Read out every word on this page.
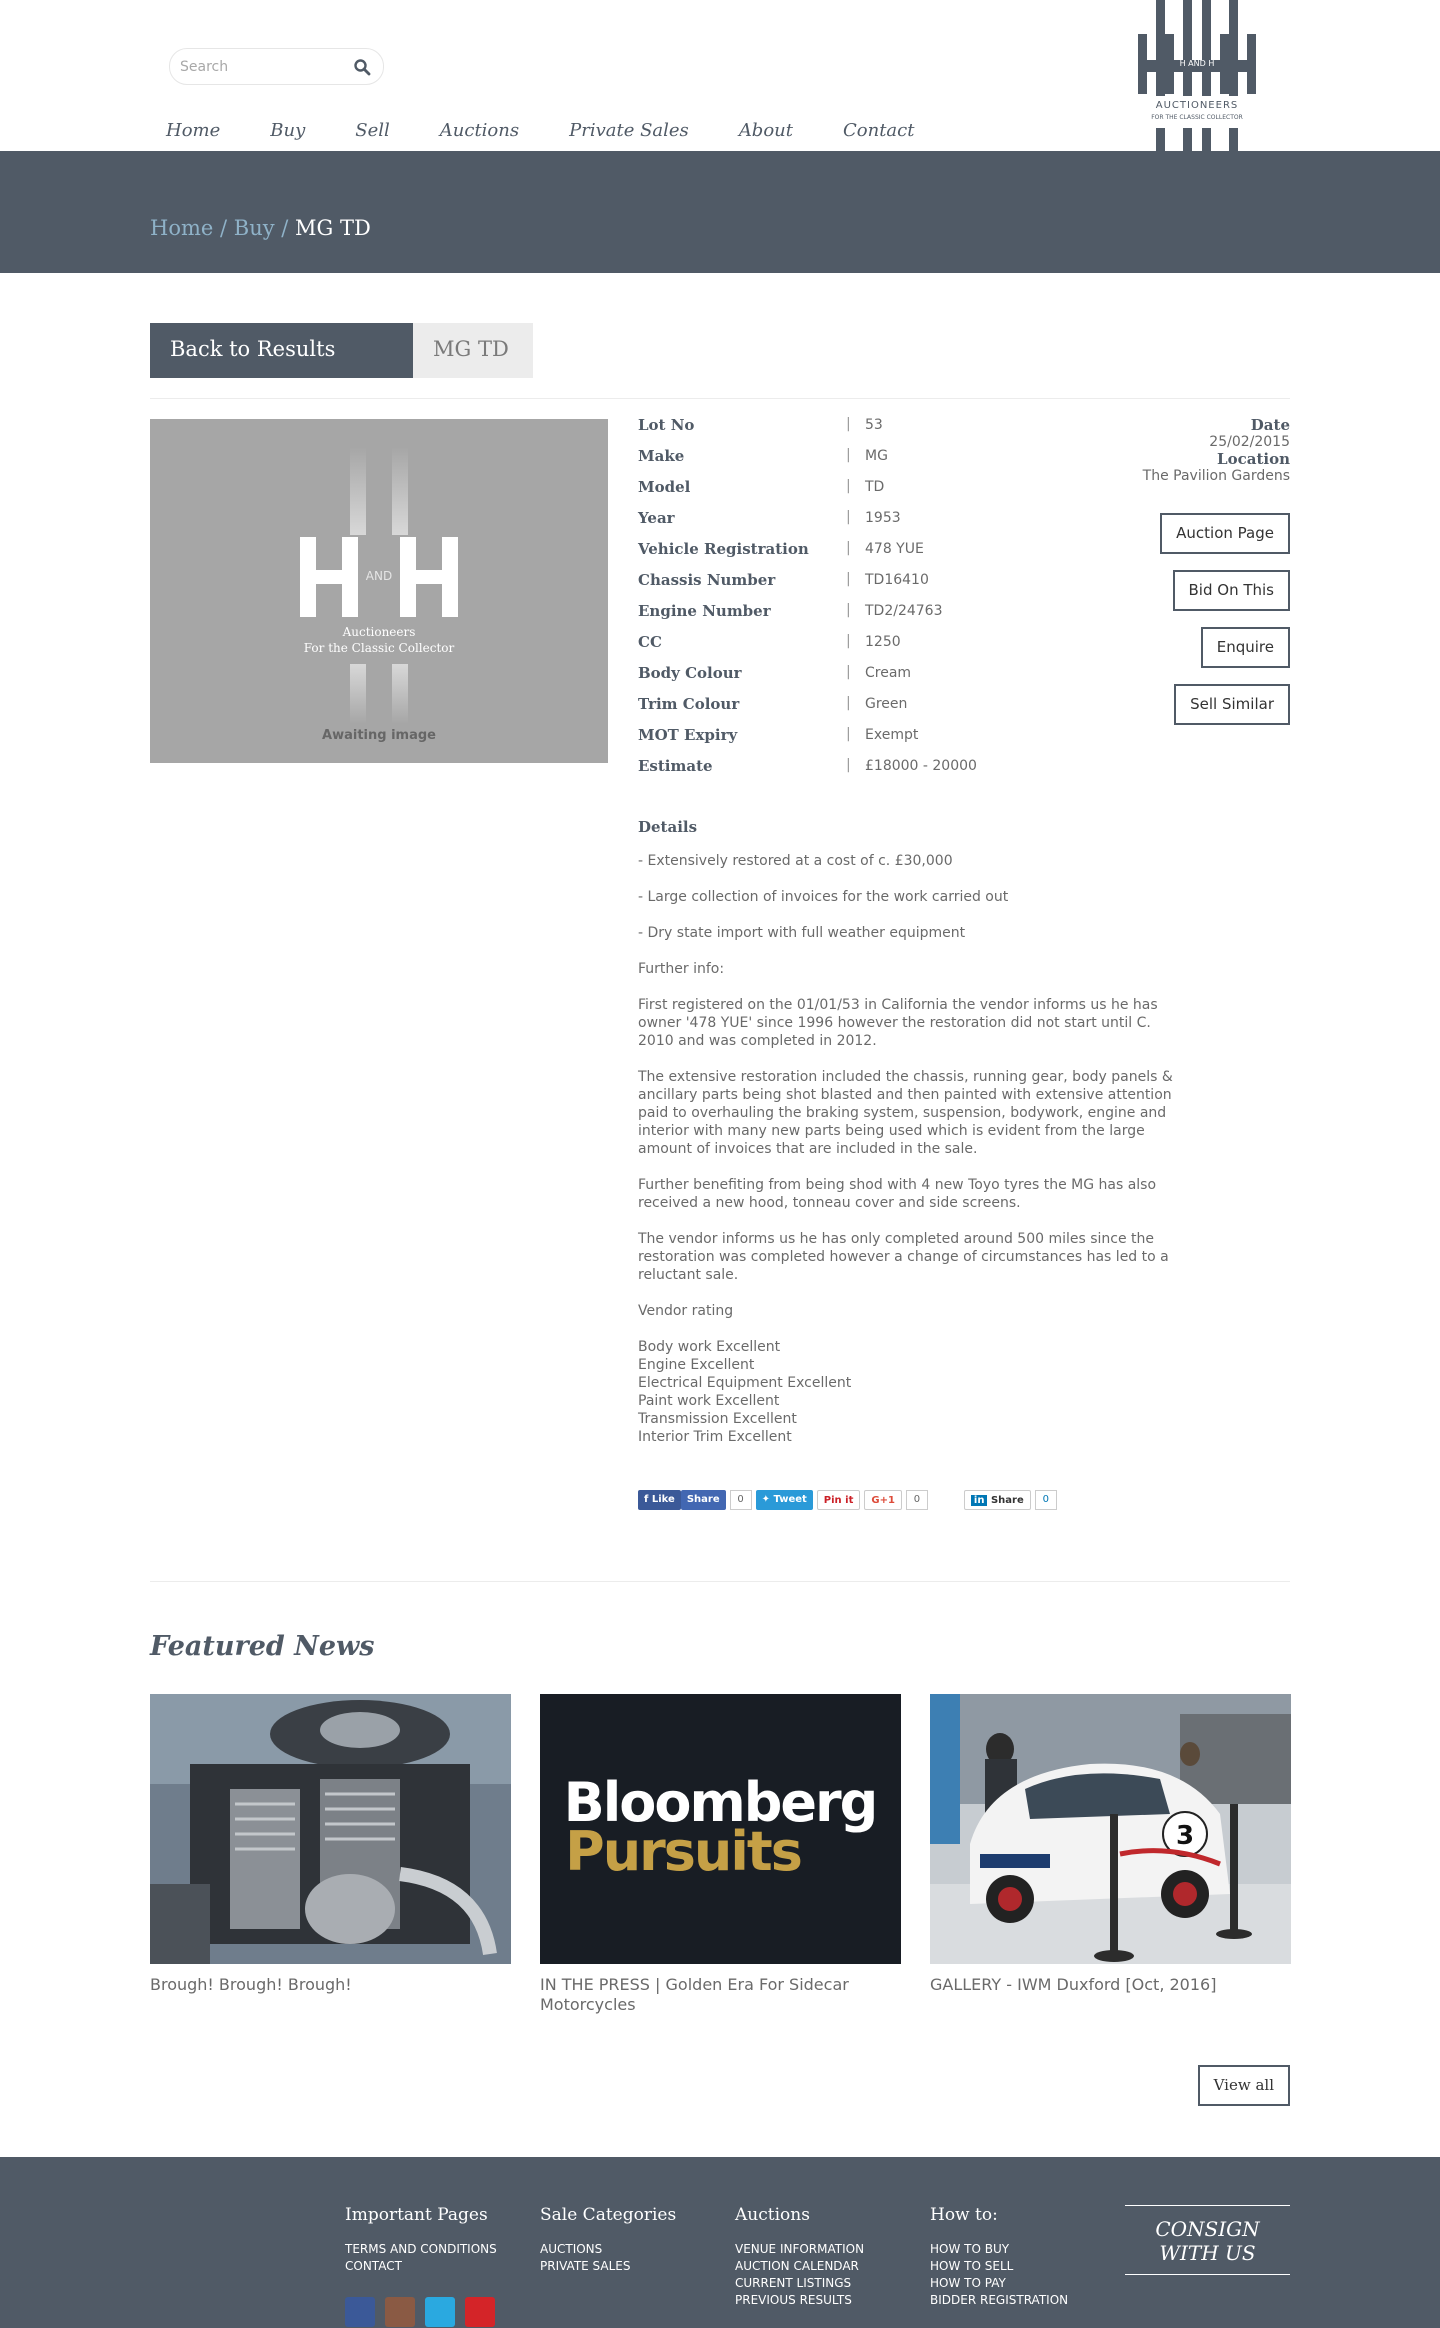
Search
Home	Buy	Sell	Auctions	Private Sales	About	Contact
H AND H
AUCTIONEERS
FOR THE CLASSIC COLLECTOR
Home / Buy / MG TD
Back to Results	MG TD
AND
Auctioneers
For the Classic Collector
Awaiting image
Lot No	| 53
Make	| MG
Model	| TD
Year	| 1953
Vehicle Registration	| 478 YUE
Chassis Number	| TD16410
Engine Number	| TD2/24763
CC	| 1250
Body Colour	| Cream
Trim Colour	| Green
MOT Expiry	| Exempt
Estimate	| £18000 - 20000
Date
25/02/2015
Location
The Pavilion Gardens
Auction Page
Bid On This
Enquire
Sell Similar
Details

- Extensively restored at a cost of c. £30,000

- Large collection of invoices for the work carried out

- Dry state import with full weather equipment

Further info:

First registered on the 01/01/53 in California the vendor informs us he has owner '478 YUE' since 1996 however the restoration did not start until C. 2010 and was completed in 2012.

The extensive restoration included the chassis, running gear, body panels & ancillary parts being shot blasted and then painted with extensive attention paid to overhauling the braking system, suspension, bodywork, engine and interior with many new parts being used which is evident from the large amount of invoices that are included in the sale.

Further benefiting from being shod with 4 new Toyo tyres the MG has also received a new hood, tonneau cover and side screens.

The vendor informs us he has only completed around 500 miles since the restoration was completed however a change of circumstances has led to a reluctant sale.

Vendor rating

Body work Excellent
Engine Excellent
Electrical Equipment Excellent
Paint work Excellent
Transmission Excellent
Interior Trim Excellent
f Like	Share	0	✦ Tweet	Pin it	G+1	0	in Share	0
Featured News
Brough! Brough! Brough!
Bloomberg
Pursuits
IN THE PRESS | Golden Era For Sidecar Motorcycles
3
GALLERY - IWM Duxford [Oct, 2016]
View all
Important Pages
TERMS AND CONDITIONS
CONTACT
Sale Categories
AUCTIONS
PRIVATE SALES
Auctions
VENUE INFORMATION
AUCTION CALENDAR
CURRENT LISTINGS
PREVIOUS RESULTS
How to:
HOW TO BUY
HOW TO SELL
HOW TO PAY
BIDDER REGISTRATION
CONSIGN
WITH US
